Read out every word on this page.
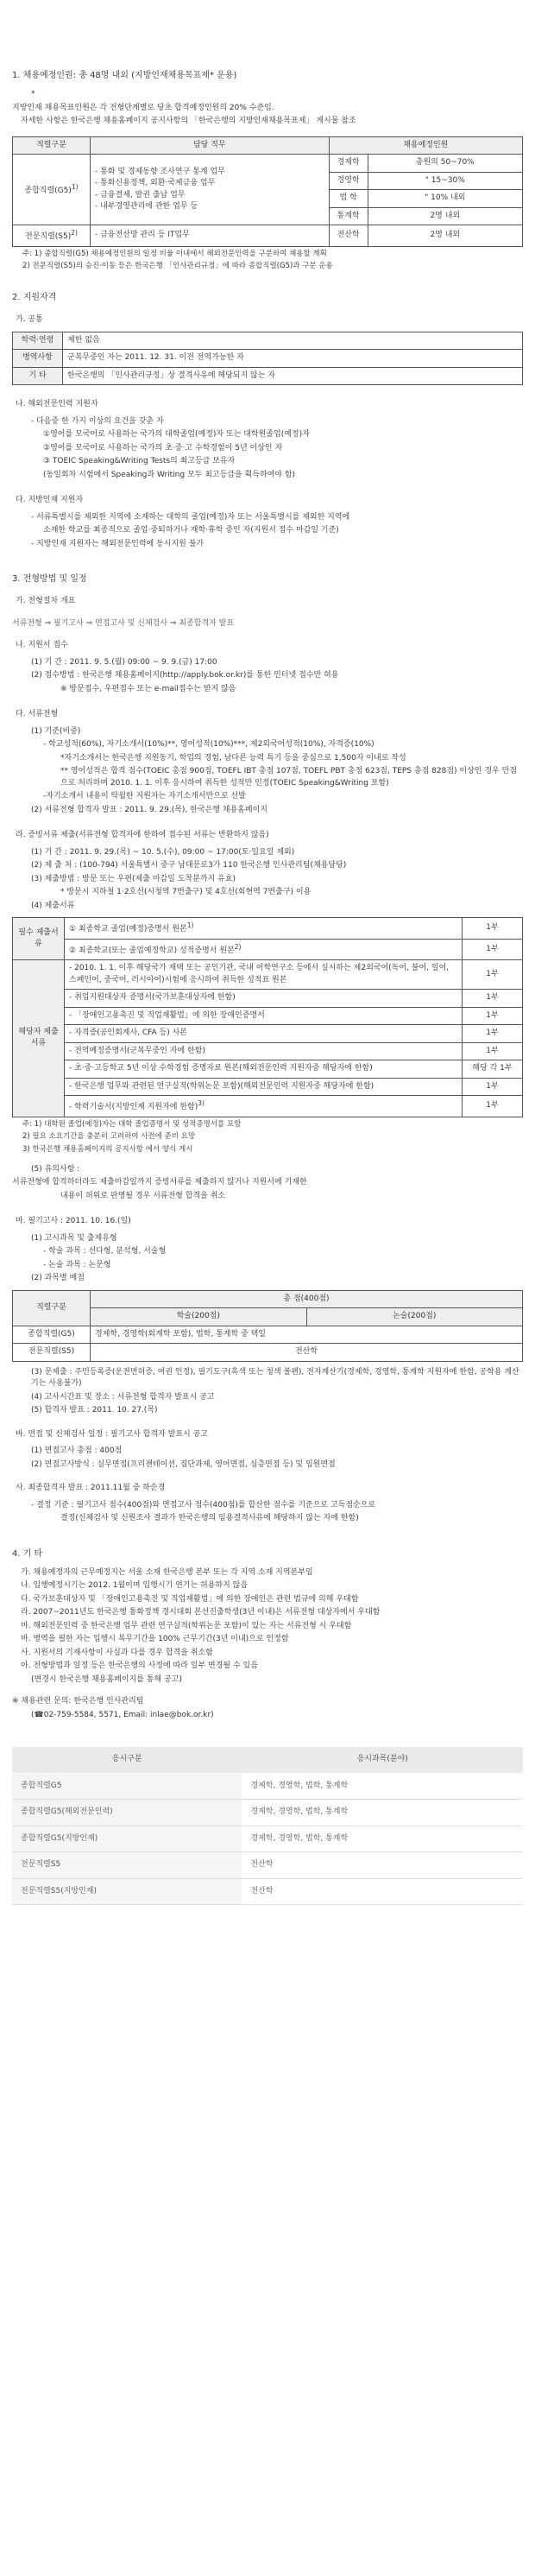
1. 채용예정인원: 총 48명 내외 (지방인재채용목표제* 운용)

*

지방인재 채용목표인원은 각 전형단계별로 당초 합격예정인원의 20% 수준임.

자세한 사항은 한국은행 채용홈페이지 공지사항의 「한국은행의 지방인재채용목표제」 게시물 참조

직렬구분	담당 직무	채용예정인원	
종합직렬$(G5)^{1)}$	- 통화 및 경제동향 조사연구 통계 업무
- 통화신용정책, 외환·국제금융 업무
- 금융결제, 발권 출납 업무
- 내부경영관리에 관한 업무 등	경제학	총원의 50~70%
		경영학	" 15~30%
		법 학	" 10% 내외
		통계학	2명 내외
전문직렬$(S5)^{2)}$	- 금융전산망 관리 등 IT업무	전산학	2명 내외

주: 1) 종합직렬(G5) 채용예정인원의 일정 비율 이내에서 해외전문인력을 구분하여 채용할 계획

2) 전문직렬(S5)의 승진·이동 등은 한국은행 「인사관리규정」에 따라 종합직렬(G5)과 구분 운용

2. 지원자격
가. 공통
학력·연령	제한 없음
병역사항	군복무중인 자는 2011. 12. 31. 이전 전역가능한 자
기 타	한국은행의 「인사관리규정」상 결격사유에 해당되지 않는 자
나. 해외전문인력 지원자

- 다음중 한 가지 이상의 요건을 갖춘 자

①영어를 모국어로 사용하는 국가의 대학졸업(예정)자 또는 대학원졸업(예정)자

②영어를 모국어로 사용하는 국가의 초·중·고 수학경험이 5년 이상인 자

③ TOEIC Speaking&Writing Tests의 최고등급 보유자

(동일회차 시험에서 Speaking과 Writing 모두 최고등급을 획득하여야 함)

다. 지방인재 지원자

- 서류특별시를 제외한 지역에 소재하는 대학의 졸업(예정)자 또는 서울특별시를 제외한 지역에

소재한 학교를 최종적으로 졸업·중퇴하거나 재학·휴학 중인 자(지원서 접수 마감일 기준)

- 지방인재 지원자는 해외전문인력에 동시지원 불가

3. 전형방법 및 일정
가. 전형절차 개요

서류전형 ⇒ 필기고사 ⇒ 면접고사 및 신체검사 ⇒ 최종합격자 발표

나. 지원서 접수

(1) 기 간 : 2011. 9. 5.(월) 09:00 ~ 9. 9.(금) 17:00

(2) 접수방법 : 한국은행 채용홈페이지(http://apply.bok.or.kr)를 통한 인터넷 접수만 허용

※ 방문접수, 우편접수 또는 e-mail접수는 받지 않음

다. 서류전형

(1) 기준(비중)

- 학교성적(60%), 자기소개서(10%)**, 영어성적(10%)***, 제2외국어성적(10%), 자격증(10%)

*자기소개서는 한국은행 지원동기, 학업의 경험, 남다른 능력 특기 등을 중심으로 1,500자 이내로 작성

** 영어성적은 합격 점수(TOEIC 총점 900점, TOEFL IBT 총점 107점, TOEFL PBT 총점 623점, TEPS 총점 828점) 이상인 경우 만점으로 처리하며 2010. 1. 1. 이후 응시하여 취득한 성적만 인정(TOEIC Speaking&Writing 포함)

-자기소개서 내용이 탁월한 지원자는 자기소개서만으로 선발

(2) 서류전형 합격자 발표 : 2011. 9. 29.(목), 한국은행 채용홈페이지

라. 증빙서류 제출(서류전형 합격자에 한하여 접수된 서류는 반환하지 않음)

(1) 기 간 : 2011. 9. 29.(목) ~ 10. 5.(수), 09:00 ~ 17:00(토·일요일 제외)

(2) 제 출 처 : (100-794) 서울특별시 중구 남대문로3가 110 한국은행 인사관리팀(채용담당)

(3) 제출방법 : 방문 또는 우편(제출 마감일 도착분까지 유효)

* 방문시 지하철 1·2호선(시청역 7번출구) 및 4호선(회현역 7번출구) 이용

(4) 제출서류

필수 제출서류	① 최종학교 졸업(예정)증명서 원본$^{1)}$	1부
	② 최종학교(또는 졸업예정학교) 성적증명서 원본$^{2)}$	1부
해당자 제출서류	- 2010. 1. 1. 이후 해당국가 재택 또는 공인기관, 국내 어학연구소 등에서 실시하는 제2외국어(독어, 불어, 일어, 스페인어, 중국어, 러시아어)시험에 응시하여 취득한 성적표 원본	1부
	- 취업지원대상자 증명서(국가보훈대상자에 한함)	1부
	- 「장애인고용촉진 및 직업재활법」에 의한 장애인증명서	1부
	- 자격증(공인회계사, CFA 등) 사본	1부
	- 전역예정증명서(군복무중인 자에 한함)	1부
	- 초·중·고등학교 5년 이상 수학경험 증명자료 원본(해외전문인력 지원자중 해당자에 한함)	해당 각 1부
	- 한국은행 업무와 관련된 연구실적(학위논문 포함)(해외전문인력 지원자중 해당자에 한함)	1부
	- 학력기술서(지방인재 지원자에 한함)$^{3)}$	1부

주: 1) 대학원 졸업(예정)자는 대학 졸업증명서 및 성적증명서를 포함

2) 필요 소요기간을 충분히 고려하여 사전에 준비 요망

3) 한국은행 채용홈페이지의 공지사항 에서 양식 게시

(5) 유의사항 :

서류전형에 합격하더라도 제출마감일까지 증빙서류를 제출하지 않거나 지원서에 기재한

내용이 허위로 판명될 경우 서류전형 합격을 취소

마. 필기고사 : 2011. 10. 16.(일)

(1) 고시과목 및 출제유형

- 학술 과목 : 선다형, 분석형, 서술형

- 논술 과목 : 논문형

(2) 과목별 배점

직렬구분	총 점(400점)	
	학술(200점)	논술(200점)
종합직렬(G5)	경제학, 경영학(회계학 포함), 법학, 통계학 중 택일	
전문직렬(S5)	전산학	

(3) 문제출 : 주민등록증(운전면허증, 여권 인정), 필기도구(흑색 또는 청색 볼펜), 전자계산기(경제학, 경영학, 통계학 지원자에 한함, 공학용 계산기는 사용불가)

(4) 고사시간표 및 장소 : 서류전형 합격자 발표시 공고

(5) 합격자 발표 : 2011. 10. 27.(목)

바. 면접 및 신체검사 일정 : 필기고사 합격자 발표시 공고

(1) 면접고사 총점 : 400점

(2) 면접고사방식 : 실무면접(프리젠테이션, 집단과제, 영어면접, 심층면접 등) 및 임원면접

사. 최종합격자 발표 : 2011.11월 중 하순경

- 결정 기준 : 필기고사 점수(400점)와 면접고사 점수(400점)를 합산한 점수를 기준으로 고득점순으로

결정(신체검사 및 신원조사 결과가 한국은행의 임용결격사유에 해당하지 않는 자에 한함)

4. 기 타

가. 채용예정자의 근무예정지는 서울 소재 한국은행 본부 또는 각 지역 소재 지역본부임

나. 입행예정시기는 2012. 1월이며 입행시기 연기는 허용하지 않음

다. 국가보훈대상자 및 「장애인고용촉진 및 직업재활법」에 의한 장애인은 관련 법규에 의해 우대함

라. 2007~2011년도 한국은행 통화정책 경시대회 본선진출학생(3년 이내)은 서류전형 대상자에서 우대함

마. 해외전문인력 중 한국은행 업무 관련 연구실적(학위논문 포함)이 있는 자는 서류전형 시 우대함

바. 병역을 필한 자는 입행시 복무기간을 100% 근무기간(3년 이내)으로 인정함

사. 지원서의 기재사항이 사실과 다를 경우 합격을 취소함

아. 전형방법과 일정 등은 한국은행의 사정에 따라 일부 변경될 수 있음

(변경시 한국은행 채용홈페이지를 통해 공고)

※ 채용관련 문의: 한국은행 인사관리팀

(☎02-759-5584, 5571, Email: inlae@bok.or.kr)

응시구분	응시과목(분야)
종합직렬G5	경제학, 경영학, 법학, 통계학
종합직렬G5(해외전문인력)	경제학, 경영학, 법학, 통계학
종합직렬G5(지방인재)	경제학, 경영학, 법학, 통계학
전문직렬S5	전산학
전문직렬S5(지방인재)	전산학
